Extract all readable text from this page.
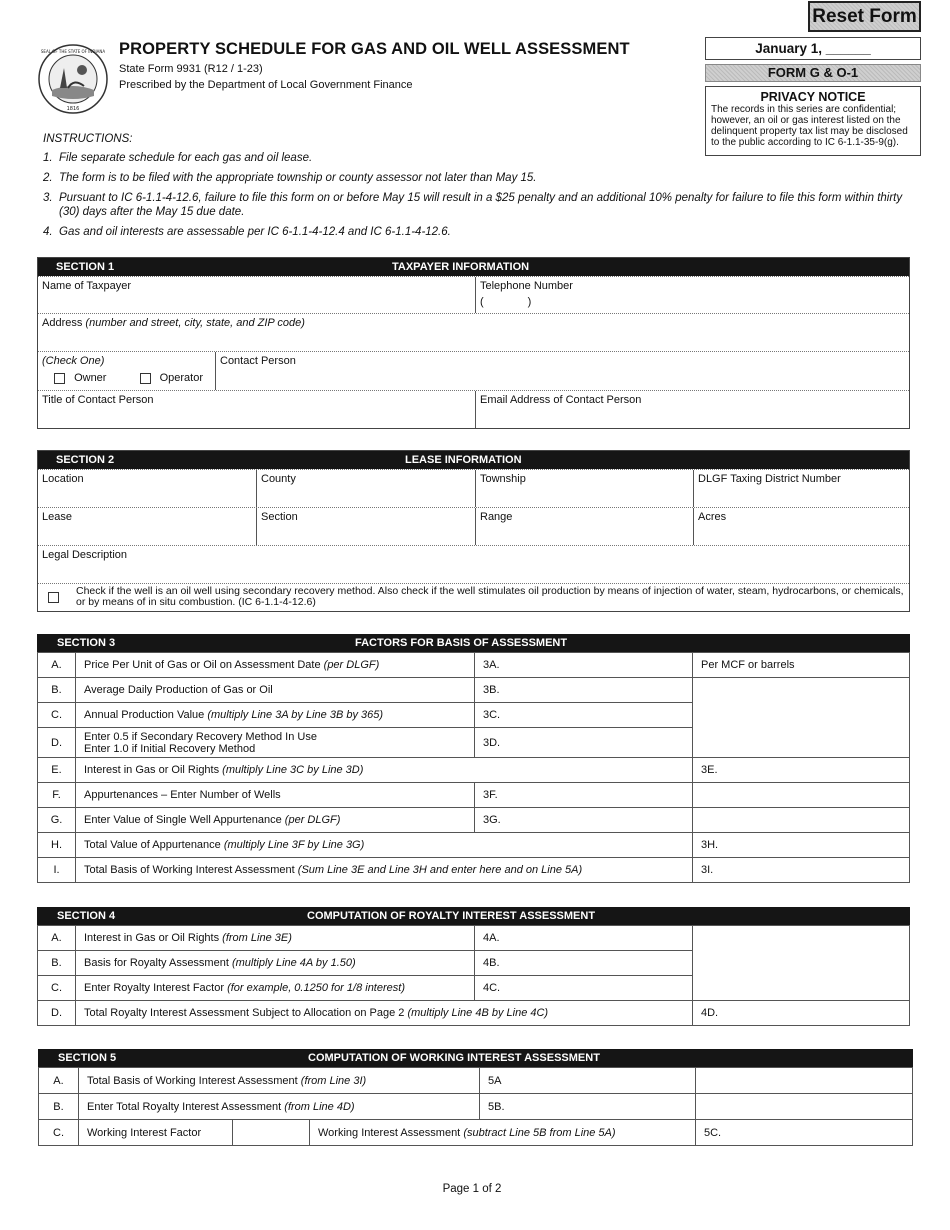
Reset Form
1816
SEAL OF THE STATE OF INDIANA PROPERTY SCHEDULE FOR GAS AND OIL WELL ASSESSMENT
State Form 9931 (R12 / 1-23)
Prescribed by the Department of Local Government Finance
January 1, ______
FORM G & O-1
PRIVACY NOTICE
The records in this series are confidential; however, an oil or gas interest listed on the delinquent property tax list may be disclosed to the public according to IC 6-1.1-35-9(g).
INSTRUCTIONS:
1. File separate schedule for each gas and oil lease.
2. The form is to be filed with the appropriate township or county assessor not later than May 15.
3. Pursuant to IC 6-1.1-4-12.6, failure to file this form on or before May 15 will result in a $25 penalty and an additional 10% penalty for failure to file this form within thirty (30) days after the May 15 due date.
4. Gas and oil interests are assessable per IC 6-1.1-4-12.4 and IC 6-1.1-4-12.6.
SECTION 1	TAXPAYER INFORMATION
Name of Taxpayer	Telephone Number
(	)
Address (number and street, city, state, and ZIP code)
(Check One)
Owner	Operator
Contact Person
Title of Contact Person	Email Address of Contact Person
SECTION 2	LEASE INFORMATION
Location	County	Township	DLGF Taxing District Number
Lease	Section	Range	Acres
Legal Description
Check if the well is an oil well using secondary recovery method. Also check if the well stimulates oil production by means of injection of water, steam, hydrocarbons, or chemicals, or by means of in situ combustion. (IC 6-1.1-4-12.6)
SECTION 3	FACTORS FOR BASIS OF ASSESSMENT
A.	Price Per Unit of Gas or Oil on Assessment Date (per DLGF)	3A.	Per MCF or barrels
B.	Average Daily Production of Gas or Oil	3B.	
C.	Annual Production Value (multiply Line 3A by Line 3B by 365)	3C.	
D.	Enter 0.5 if Secondary Recovery Method In Use
Enter 1.0 if Initial Recovery Method	3D.	
E.	Interest in Gas or Oil Rights (multiply Line 3C by Line 3D)		3E.
F.	Appurtenances – Enter Number of Wells	3F.	
G.	Enter Value of Single Well Appurtenance (per DLGF)	3G.	
H.	Total Value of Appurtenance (multiply Line 3F by Line 3G)		3H.
I.	Total Basis of Working Interest Assessment (Sum Line 3E and Line 3H and enter here and on Line 5A)		3I.
SECTION 4	COMPUTATION OF ROYALTY INTEREST ASSESSMENT
A.	Interest in Gas or Oil Rights (from Line 3E)	4A.	
B.	Basis for Royalty Assessment (multiply Line 4A by 1.50)	4B.	
C.	Enter Royalty Interest Factor (for example, 0.1250 for 1/8 interest)	4C.	
D.	Total Royalty Interest Assessment Subject to Allocation on Page 2 (multiply Line 4B by Line 4C)		4D.
SECTION 5	COMPUTATION OF WORKING INTEREST ASSESSMENT
A.	Total Basis of Working Interest Assessment (from Line 3I)			5A	
B.	Enter Total Royalty Interest Assessment (from Line 4D)			5B.	
C.	Working Interest Factor		Working Interest Assessment (subtract Line 5B from Line 5A)		5C.
Page 1 of 2
